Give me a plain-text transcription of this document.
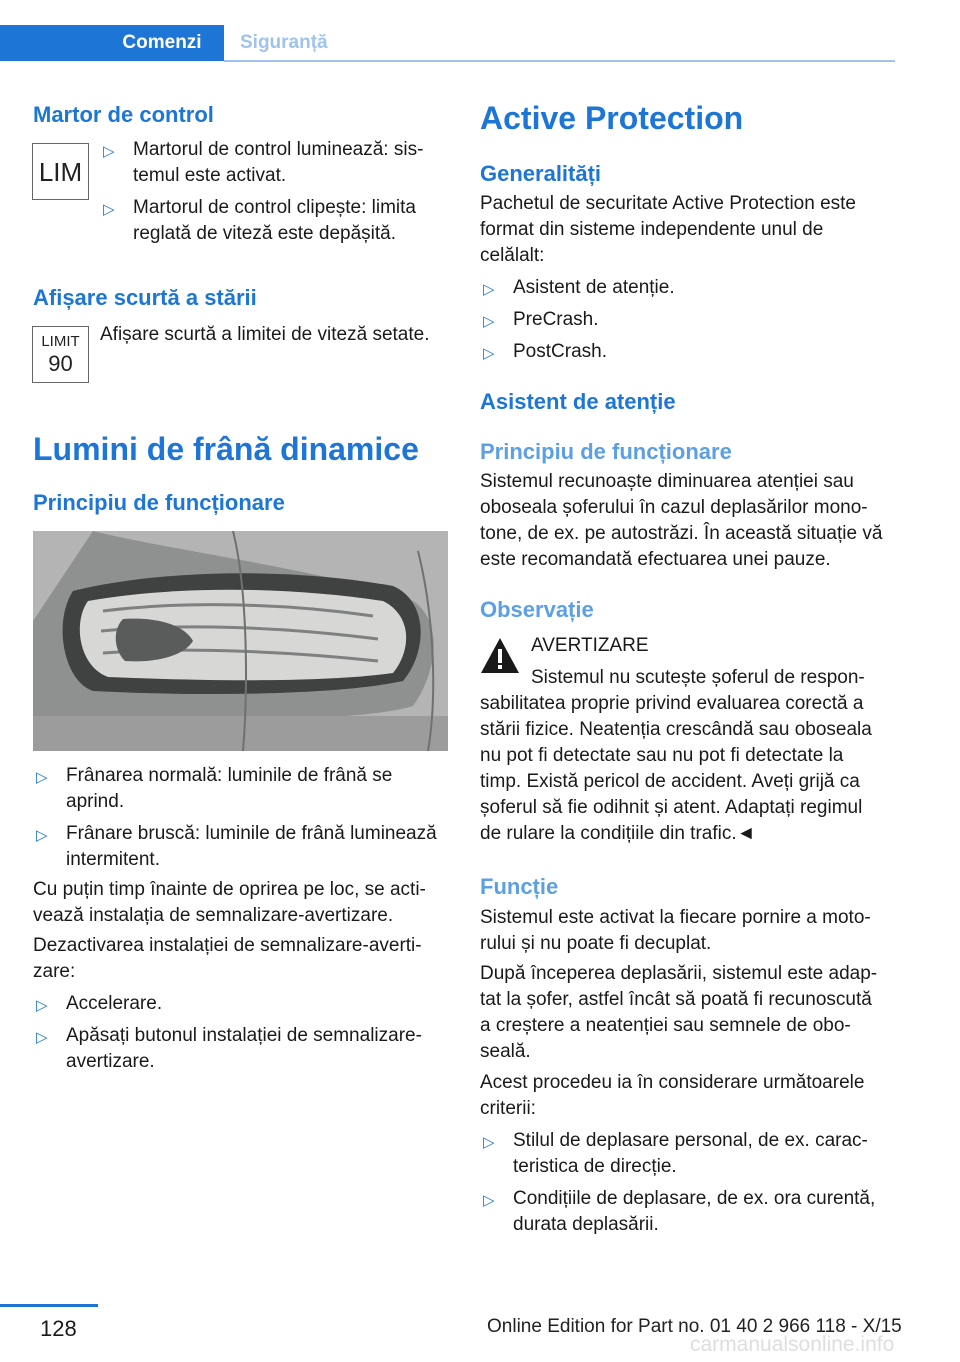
Comenzi	Siguranță
Martor de control
LIM
▷ Martorul de control luminează: sis‐
temul este activat.
▷ Martorul de control clipește: limita
reglată de viteză este depășită.
Afișare scurtă a stării
LIMIT
90

Afișare scurtă a limitei de viteză setate.

Lumini de frână dinamice
Principiu de funcționare
▷ Frânarea normală: luminile de frână se
aprind.
▷ Frânare bruscă: luminile de frână luminează
intermitent.

Cu puțin timp înainte de oprirea pe loc, se acti‐
vează instalația de semnalizare-avertizare.

Dezactivarea instalației de semnalizare-averti‐
zare:

▷ Accelerare.
▷ Apăsați butonul instalației de semnalizare-
avertizare.
Active Protection
Generalități

Pachetul de securitate Active Protection este
format din sisteme independente unul de
celălalt:

▷ Asistent de atenție.
▷ PreCrash.
▷ PostCrash.
Asistent de atenție
Principiu de funcționare

Sistemul recunoaște diminuarea atenției sau
oboseala șoferului în cazul deplasărilor mono‐
tone, de ex. pe autostrăzi. În această situație vă
este recomandată efectuarea unei pauze.

Observație

AVERTIZARE

Sistemul nu scutește șoferul de respon‐

sabilitatea proprie privind evaluarea corectă a
stării fizice. Neatenția crescândă sau oboseala
nu pot fi detectate sau nu pot fi detectate la
timp. Există pericol de accident. Aveți grijă ca
șoferul să fie odihnit și atent. Adaptați regimul
de rulare la condițiile din trafic.◄

Funcție

Sistemul este activat la fiecare pornire a moto‐
rului și nu poate fi decuplat.

După începerea deplasării, sistemul este adap‐
tat la șofer, astfel încât să poată fi recunoscută
a creștere a neatenției sau semnele de obo‐
seală.

Acest procedeu ia în considerare următoarele
criterii:

▷ Stilul de deplasare personal, de ex. carac‐
teristica de direcție.
▷ Condițiile de deplasare, de ex. ora curentă,
durata deplasării.
128	Online Edition for Part no. 01 40 2 966 118 - X/15
carmanualsonline.info
